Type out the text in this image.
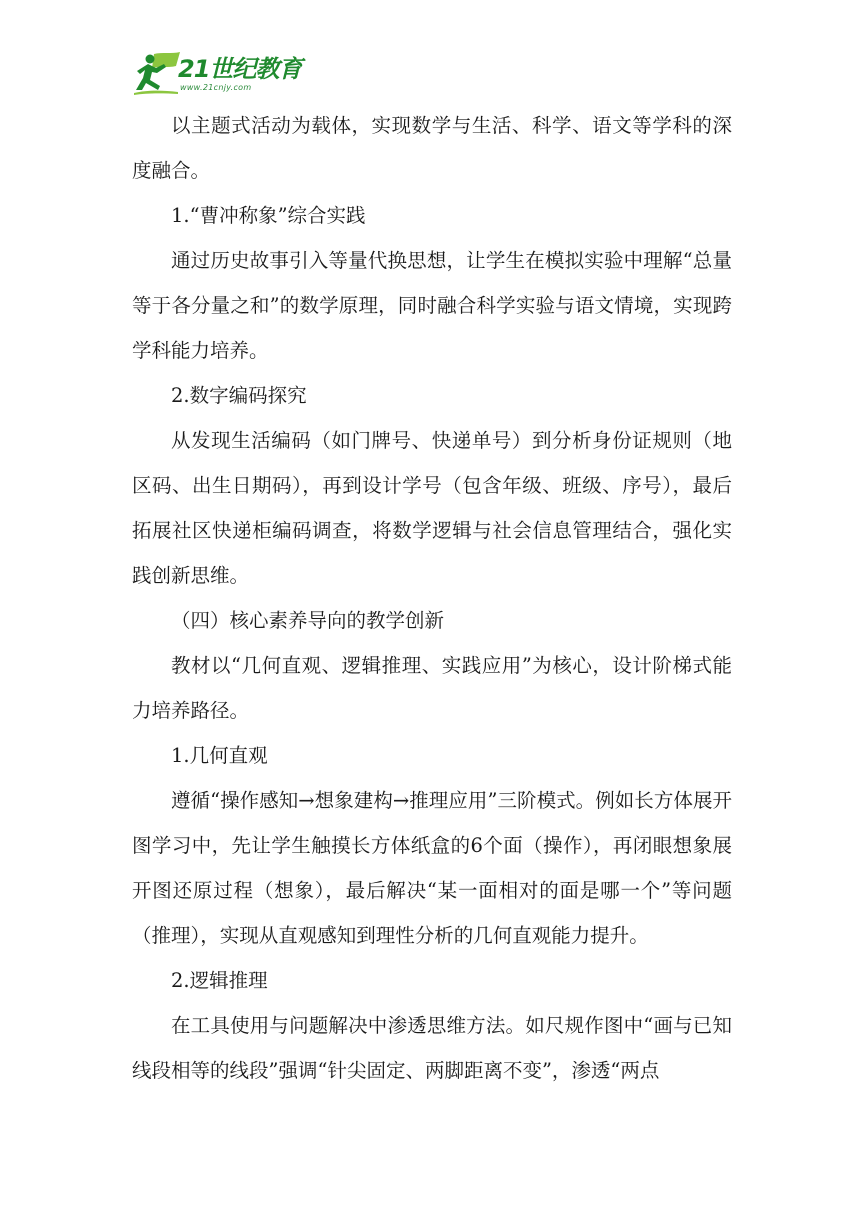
21世纪教育
www.21cnjy.com

以主题式活动为载体，实现数学与生活、科学、语文等学科的深度融合。

1.“曹冲称象”综合实践

通过历史故事引入等量代换思想，让学生在模拟实验中理解“总量等于各分量之和”的数学原理，同时融合科学实验与语文情境，实现跨学科能力培养。

2.数字编码探究

从发现生活编码（如门牌号、快递单号）到分析身份证规则（地区码、出生日期码），再到设计学号（包含年级、班级、序号），最后拓展社区快递柜编码调查，将数学逻辑与社会信息管理结合，强化实践创新思维。

（四）核心素养导向的教学创新

教材以“几何直观、逻辑推理、实践应用”为核心，设计阶梯式能力培养路径。

1.几何直观

遵循“操作感知→想象建构→推理应用”三阶模式。例如长方体展开图学习中，先让学生触摸长方体纸盒的6个面（操作），再闭眼想象展开图还原过程（想象），最后解决“某一面相对的面是哪一个”等问题（推理），实现从直观感知到理性分析的几何直观能力提升。

2.逻辑推理

在工具使用与问题解决中渗透思维方法。如尺规作图中“画与已知线段相等的线段”强调“针尖固定、两脚距离不变”，渗透“两点
